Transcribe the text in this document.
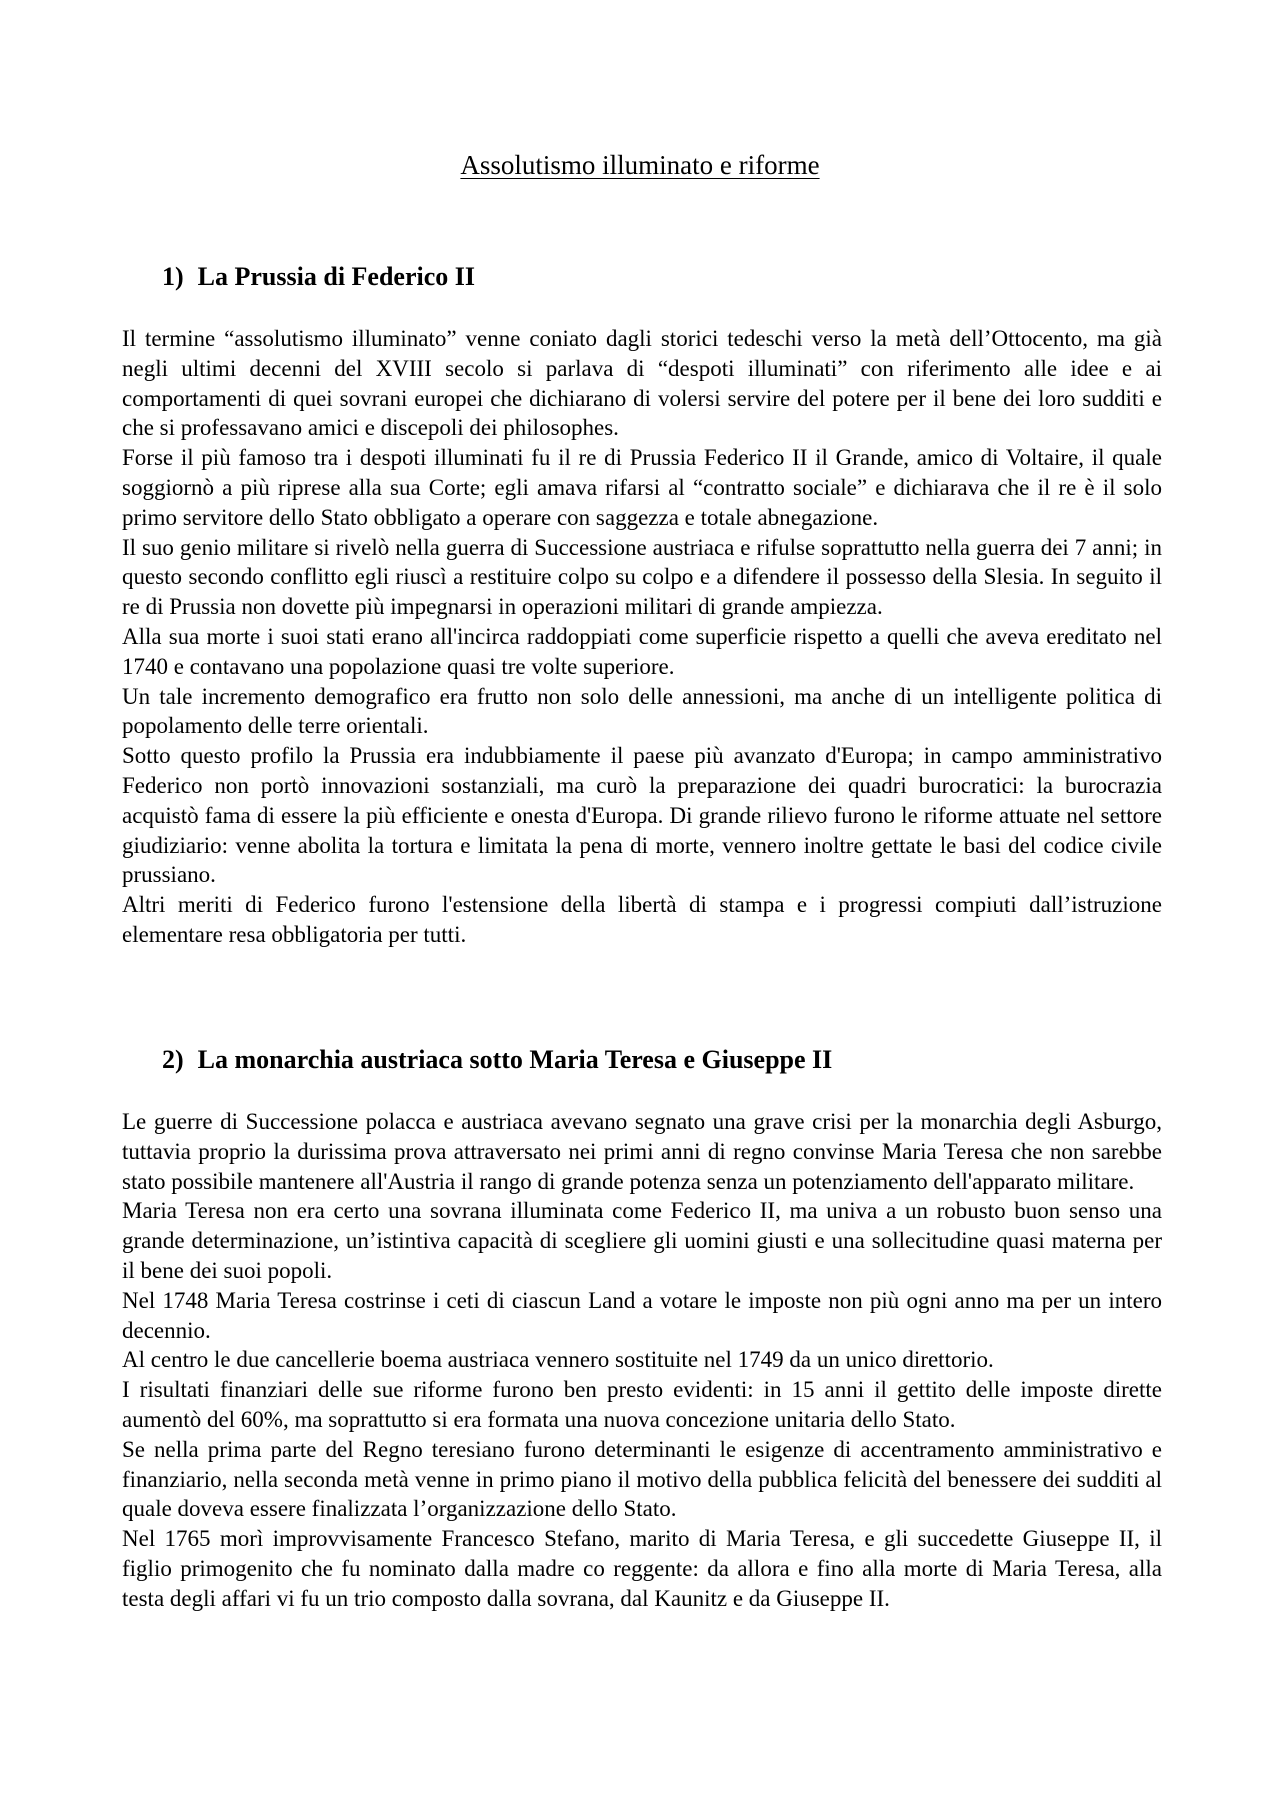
Assolutismo illuminato e riforme
1) La Prussia di Federico II

Il termine “assolutismo illuminato” venne coniato dagli storici tedeschi verso la metà dell’Ottocento, ma già negli ultimi decenni del XVIII secolo si parlava di “despoti illuminati” con riferimento alle idee e ai comportamenti di quei sovrani europei che dichiarano di volersi servire del potere per il bene dei loro sudditi e che si professavano amici e discepoli dei philosophes.

Forse il più famoso tra i despoti illuminati fu il re di Prussia Federico II il Grande, amico di Voltaire, il quale soggiornò a più riprese alla sua Corte; egli amava rifarsi al “contratto sociale” e dichiarava che il re è il solo primo servitore dello Stato obbligato a operare con saggezza e totale abnegazione.

Il suo genio militare si rivelò nella guerra di Successione austriaca e rifulse soprattutto nella guerra dei 7 anni; in questo secondo conflitto egli riuscì a restituire colpo su colpo e a difendere il possesso della Slesia. In seguito il re di Prussia non dovette più impegnarsi in operazioni militari di grande ampiezza.

Alla sua morte i suoi stati erano all'incirca raddoppiati come superficie rispetto a quelli che aveva ereditato nel 1740 e contavano una popolazione quasi tre volte superiore.

Un tale incremento demografico era frutto non solo delle annessioni, ma anche di un intelligente politica di popolamento delle terre orientali.

Sotto questo profilo la Prussia era indubbiamente il paese più avanzato d'Europa; in campo amministrativo Federico non portò innovazioni sostanziali, ma curò la preparazione dei quadri burocratici: la burocrazia acquistò fama di essere la più efficiente e onesta d'Europa. Di grande rilievo furono le riforme attuate nel settore giudiziario: venne abolita la tortura e limitata la pena di morte, vennero inoltre gettate le basi del codice civile prussiano.

Altri meriti di Federico furono l'estensione della libertà di stampa e i progressi compiuti dall’istruzione elementare resa obbligatoria per tutti.

2) La monarchia austriaca sotto Maria Teresa e Giuseppe II

Le guerre di Successione polacca e austriaca avevano segnato una grave crisi per la monarchia degli Asburgo, tuttavia proprio la durissima prova attraversato nei primi anni di regno convinse Maria Teresa che non sarebbe stato possibile mantenere all'Austria il rango di grande potenza senza un potenziamento dell'apparato militare.

Maria Teresa non era certo una sovrana illuminata come Federico II, ma univa a un robusto buon senso una grande determinazione, un’istintiva capacità di scegliere gli uomini giusti e una sollecitudine quasi materna per il bene dei suoi popoli.

Nel 1748 Maria Teresa costrinse i ceti di ciascun Land a votare le imposte non più ogni anno ma per un intero decennio.

Al centro le due cancellerie boema austriaca vennero sostituite nel 1749 da un unico direttorio.

I risultati finanziari delle sue riforme furono ben presto evidenti: in 15 anni il gettito delle imposte dirette aumentò del 60%, ma soprattutto si era formata una nuova concezione unitaria dello Stato.

Se nella prima parte del Regno teresiano furono determinanti le esigenze di accentramento amministrativo e finanziario, nella seconda metà venne in primo piano il motivo della pubblica felicità del benessere dei sudditi al quale doveva essere finalizzata l’organizzazione dello Stato.

Nel 1765 morì improvvisamente Francesco Stefano, marito di Maria Teresa, e gli succedette Giuseppe II, il figlio primogenito che fu nominato dalla madre co reggente: da allora e fino alla morte di Maria Teresa, alla testa degli affari vi fu un trio composto dalla sovrana, dal Kaunitz e da Giuseppe II.
